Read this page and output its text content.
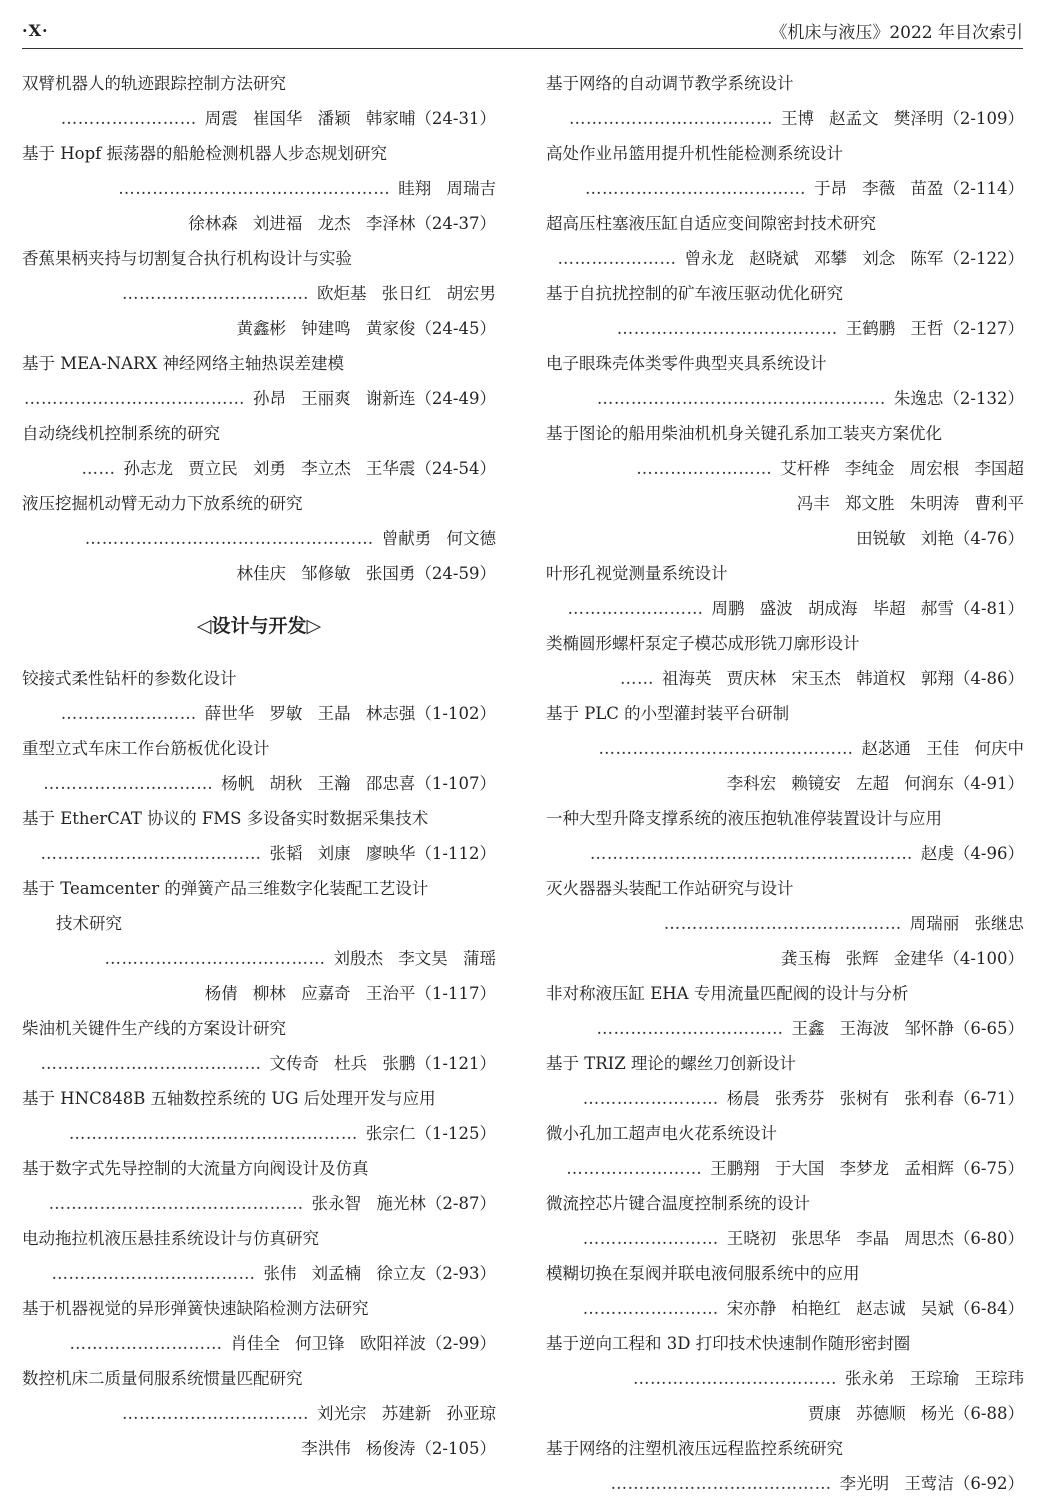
·X·	《机床与液压》2022 年目次索引
双臂机器人的轨迹跟踪控制方法研究
…………………… 周震 崔国华 潘颖 韩家晡（24-31）
基于 Hopf 振荡器的船舱检测机器人步态规划研究
………………………………………… 眭翔 周瑞吉
徐林森 刘进福 龙杰 李泽林（24-37）
香蕉果柄夹持与切割复合执行机构设计与实验
…………………………… 欧炬基 张日红 胡宏男
黄鑫彬 钟建鸣 黄家俊（24-45）
基于 MEA-NARX 神经网络主轴热误差建模
………………………………… 孙昂 王丽爽 谢新连（24-49）
自动绕线机控制系统的研究
…… 孙志龙 贾立民 刘勇 李立杰 王华震（24-54）
液压挖掘机动臂无动力下放系统的研究
…………………………………………… 曾献勇 何文德
林佳庆 邹修敏 张国勇（24-59）
◁设计与开发▷
铰接式柔性钻杆的参数化设计
…………………… 薛世华 罗敏 王晶 林志强（1-102）
重型立式车床工作台筋板优化设计
………………………… 杨帆 胡秋 王瀚 邵忠喜（1-107）
基于 EtherCAT 协议的 FMS 多设备实时数据采集技术
………………………………… 张韬 刘康 廖映华（1-112）
基于 Teamcenter 的弹簧产品三维数字化装配工艺设计
技术研究
………………………………… 刘殷杰 李文昊 蒲瑶
杨倩 柳林 应嘉奇 王治平（1-117）
柴油机关键件生产线的方案设计研究
………………………………… 文传奇 杜兵 张鹏（1-121）
基于 HNC848B 五轴数控系统的 UG 后处理开发与应用
…………………………………………… 张宗仁（1-125）
基于数字式先导控制的大流量方向阀设计及仿真
……………………………………… 张永智 施光林（2-87）
电动拖拉机液压悬挂系统设计与仿真研究
……………………………… 张伟 刘孟楠 徐立友（2-93）
基于机器视觉的异形弹簧快速缺陷检测方法研究
……………………… 肖佳全 何卫锋 欧阳祥波（2-99）
数控机床二质量伺服系统惯量匹配研究
…………………………… 刘光宗 苏建新 孙亚琼
李洪伟 杨俊涛（2-105）
基于网络的自动调节教学系统设计
……………………………… 王博 赵孟文 樊泽明（2-109）
高处作业吊篮用提升机性能检测系统设计
………………………………… 于昂 李薇 苗盈（2-114）
超高压柱塞液压缸自适应变间隙密封技术研究
………………… 曾永龙 赵晓斌 邓攀 刘念 陈军（2-122）
基于自抗扰控制的矿车液压驱动优化研究
………………………………… 王鹤鹏 王哲（2-127）
电子眼珠壳体类零件典型夹具系统设计
…………………………………………… 朱逸忠（2-132）
基于图论的船用柴油机机身关键孔系加工装夹方案优化
…………………… 艾杆桦 李纯金 周宏根 李国超
冯丰 郑文胜 朱明涛 曹利平
田锐敏 刘艳（4-76）
叶形孔视觉测量系统设计
…………………… 周鹏 盛波 胡成海 毕超 郝雪（4-81）
类椭圆形螺杆泵定子模芯成形铣刀廓形设计
…… 祖海英 贾庆林 宋玉杰 韩道权 郭翔（4-86）
基于 PLC 的小型灌封装平台研制
……………………………………… 赵苾通 王佳 何庆中
李科宏 赖镜安 左超 何润东（4-91）
一种大型升降支撑系统的液压抱轨准停装置设计与应用
………………………………………………… 赵虔（4-96）
灭火器器头装配工作站研究与设计
…………………………………… 周瑞丽 张继忠
龚玉梅 张辉 金建华（4-100）
非对称液压缸 EHA 专用流量匹配阀的设计与分析
…………………………… 王鑫 王海波 邹怀静（6-65）
基于 TRIZ 理论的螺丝刀创新设计
…………………… 杨晨 张秀芬 张树有 张利春（6-71）
微小孔加工超声电火花系统设计
…………………… 王鹏翔 于大国 李梦龙 孟相辉（6-75）
微流控芯片键合温度控制系统的设计
…………………… 王晓初 张思华 李晶 周思杰（6-80）
模糊切换在泵阀并联电液伺服系统中的应用
…………………… 宋亦静 柏艳红 赵志诚 吴斌（6-84）
基于逆向工程和 3D 打印技术快速制作随形密封圈
……………………………… 张永弟 王琮瑜 王琮玮
贾康 苏德顺 杨光（6-88）
基于网络的注塑机液压远程监控系统研究
………………………………… 李光明 王莺洁（6-92）
